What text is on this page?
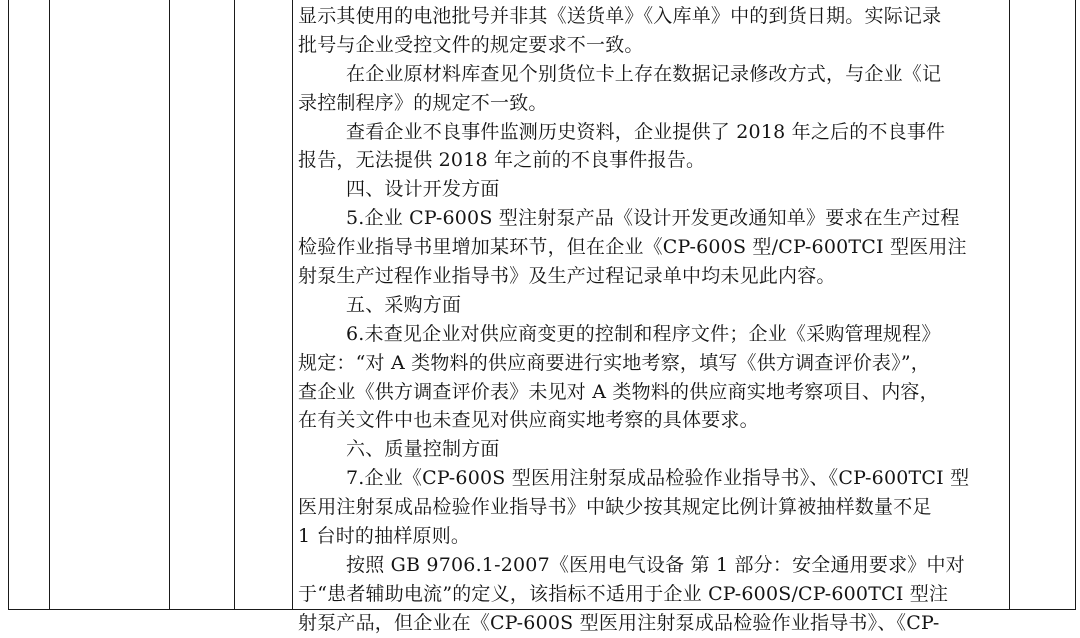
显示其使用的电池批号并非其《送货单》《入库单》中的到货日期。实际记录
批号与企业受控文件的规定要求不一致。
在企业原材料库查见个别货位卡上存在数据记录修改方式，与企业《记
录控制程序》的规定不一致。
查看企业不良事件监测历史资料，企业提供了 2018 年之后的不良事件
报告，无法提供 2018 年之前的不良事件报告。
四、设计开发方面
5.企业 CP-600S 型注射泵产品《设计开发更改通知单》要求在生产过程
检验作业指导书里增加某环节，但在企业《CP-600S 型/CP-600TCI 型医用注
射泵生产过程作业指导书》及生产过程记录单中均未见此内容。
五、采购方面
6.未查见企业对供应商变更的控制和程序文件；企业《采购管理规程》
规定：“对 A 类物料的供应商要进行实地考察，填写《供方调查评价表》”，
查企业《供方调查评价表》未见对 A 类物料的供应商实地考察项目、内容，
在有关文件中也未查见对供应商实地考察的具体要求。
六、质量控制方面
7.企业《CP-600S 型医用注射泵成品检验作业指导书》、《CP-600TCI 型
医用注射泵成品检验作业指导书》中缺少按其规定比例计算被抽样数量不足
1 台时的抽样原则。
按照 GB 9706.1-2007《医用电气设备 第 1 部分：安全通用要求》中对
于“患者辅助电流”的定义，该指标不适用于企业 CP-600S/CP-600TCI 型注
射泵产品，但企业在《CP-600S 型医用注射泵成品检验作业指导书》、《CP-
